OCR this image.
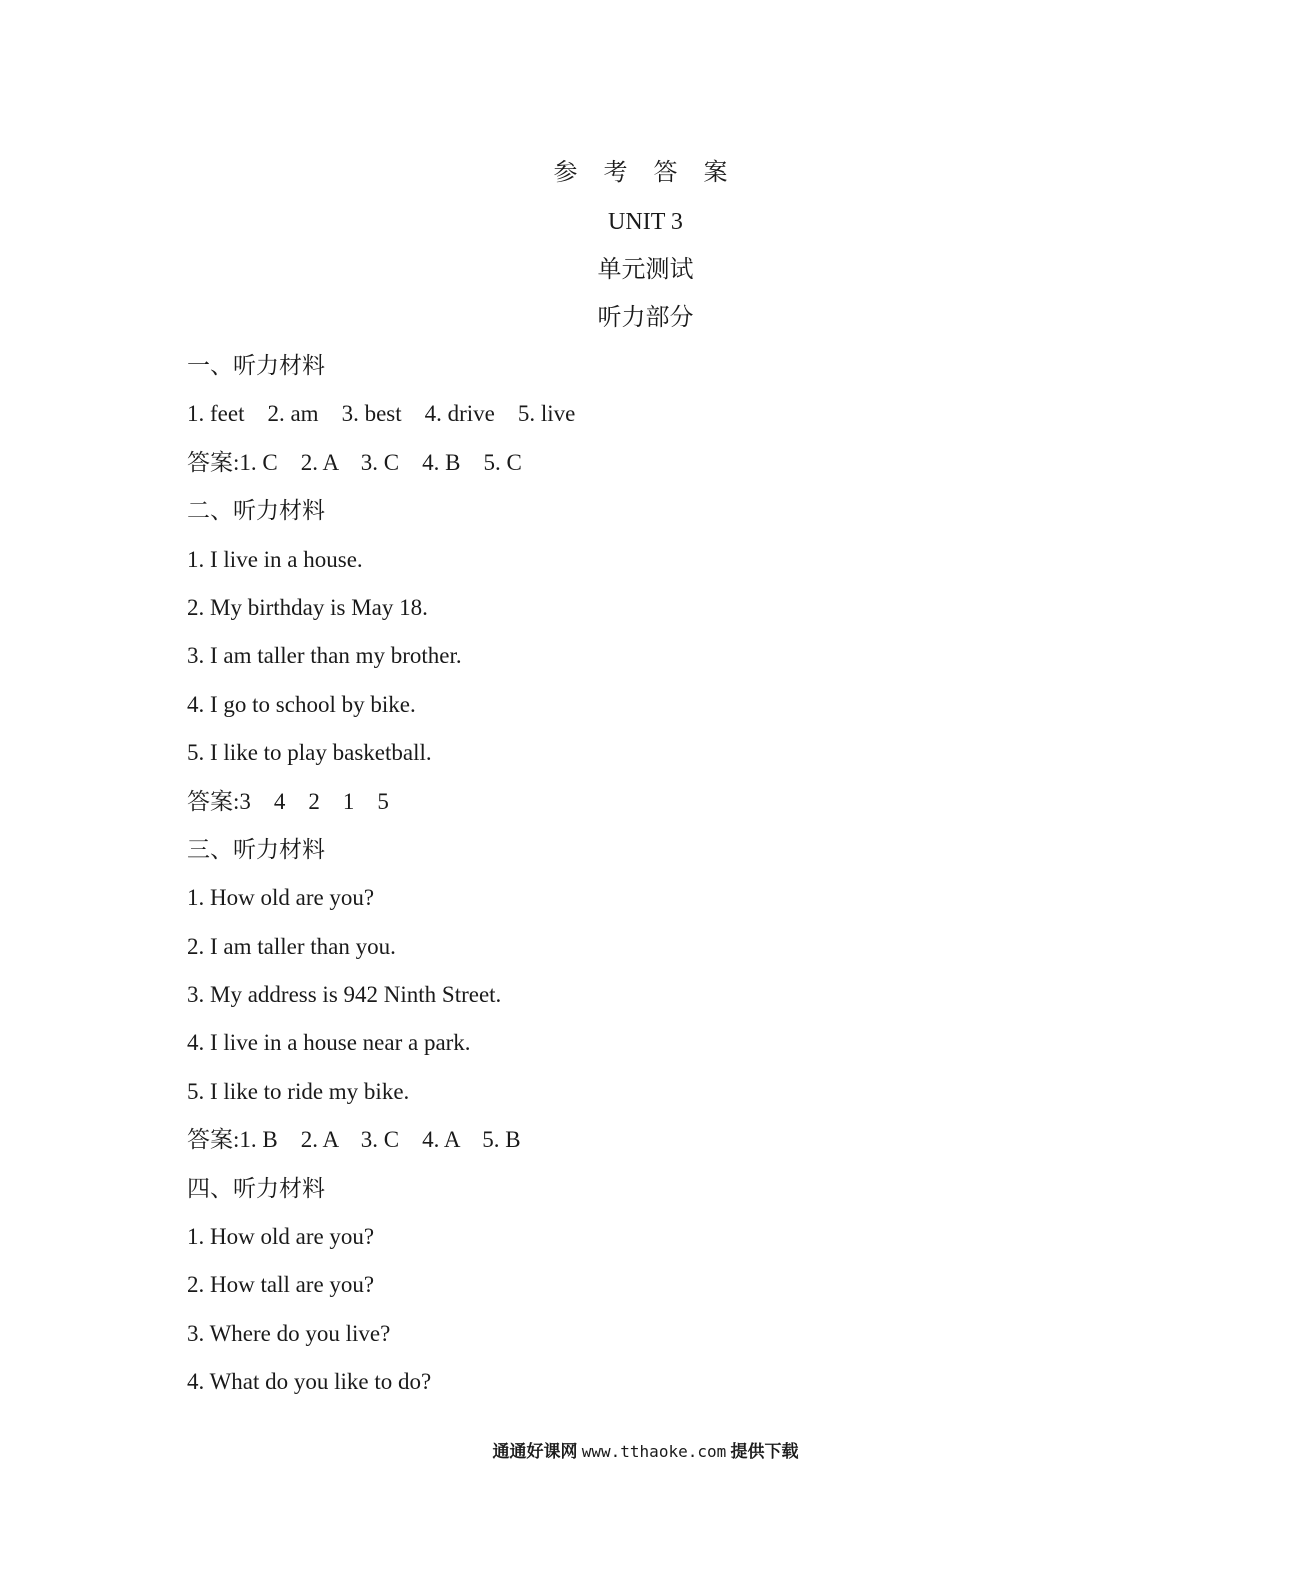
参 考 答 案
UNIT 3
单元测试
听力部分
一、听力材料
1. feet    2. am    3. best    4. drive    5. live
答案:1. C    2. A    3. C    4. B    5. C
二、听力材料
1. I live in a house.
2. My birthday is May 18.
3. I am taller than my brother.
4. I go to school by bike.
5. I like to play basketball.
答案:3    4    2    1    5
三、听力材料
1. How old are you?
2. I am taller than you.
3. My address is 942 Ninth Street.
4. I live in a house near a park.
5. I like to ride my bike.
答案:1. B    2. A    3. C    4. A    5. B
四、听力材料
1. How old are you?
2. How tall are you?
3. Where do you live?
4. What do you like to do?
通通好课网 www.tthaoke.com 提供下载
